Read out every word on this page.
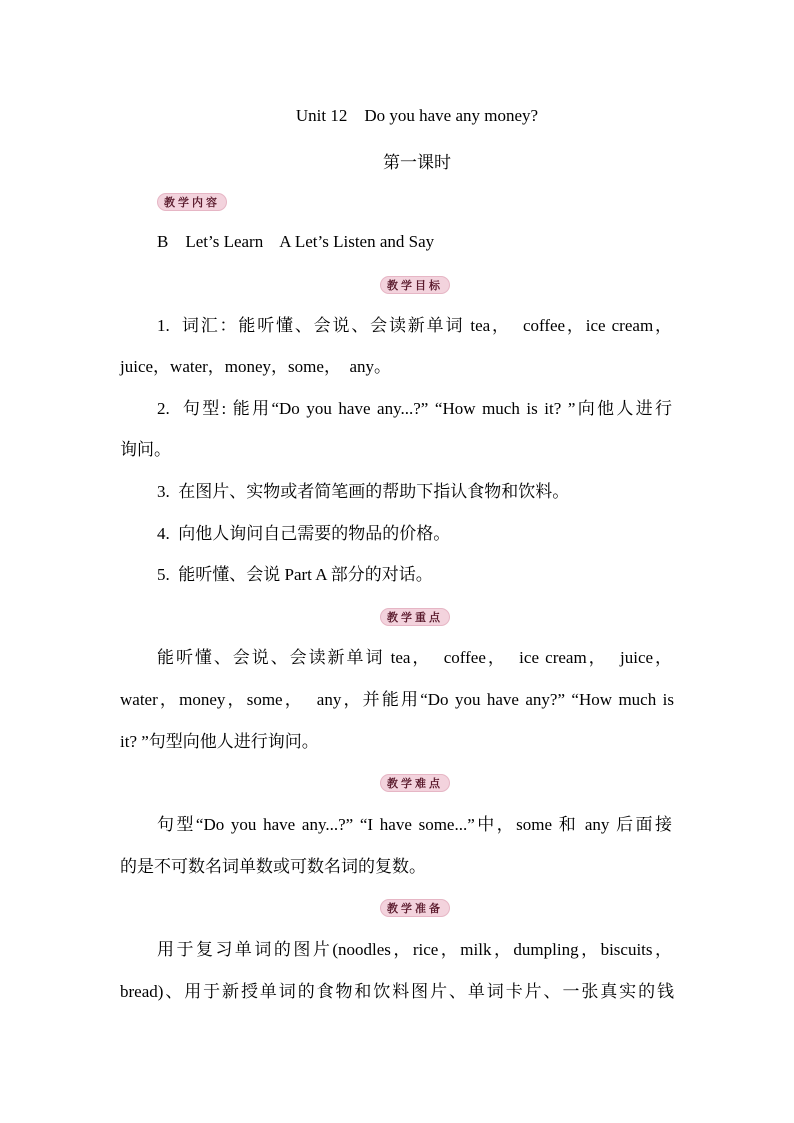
Unit 12    Do you have any money?
第一课时
教学内容
B    Let’s Learn    A Let’s Listen and Say
教学目标
1.  词汇：能听懂、会说、会读新单词 tea，  coffee，ice cream，
juice，water，money，some，  any。
2.  句型: 能用“Do you have any...?” “How much is it? ”向他人进行
询问。
3.  在图片、实物或者简笔画的帮助下指认食物和饮料。
4.  向他人询问自己需要的物品的价格。
5.  能听懂、会说 Part A 部分的对话。
教学重点
能听懂、会说、会读新单词 tea，  coffee，  ice cream，  juice，
water，money，some，  any，并能用“Do you have any?” “How much is
it? ”句型向他人进行询问。
教学难点
句型“Do you have any...?” “I have some...”中，some 和 any 后面接
的是不可数名词单数或可数名词的复数。
教学准备
用于复习单词的图片(noodles，rice，milk，dumpling，biscuits，
bread)、用于新授单词的食物和饮料图片、单词卡片、一张真实的钱
